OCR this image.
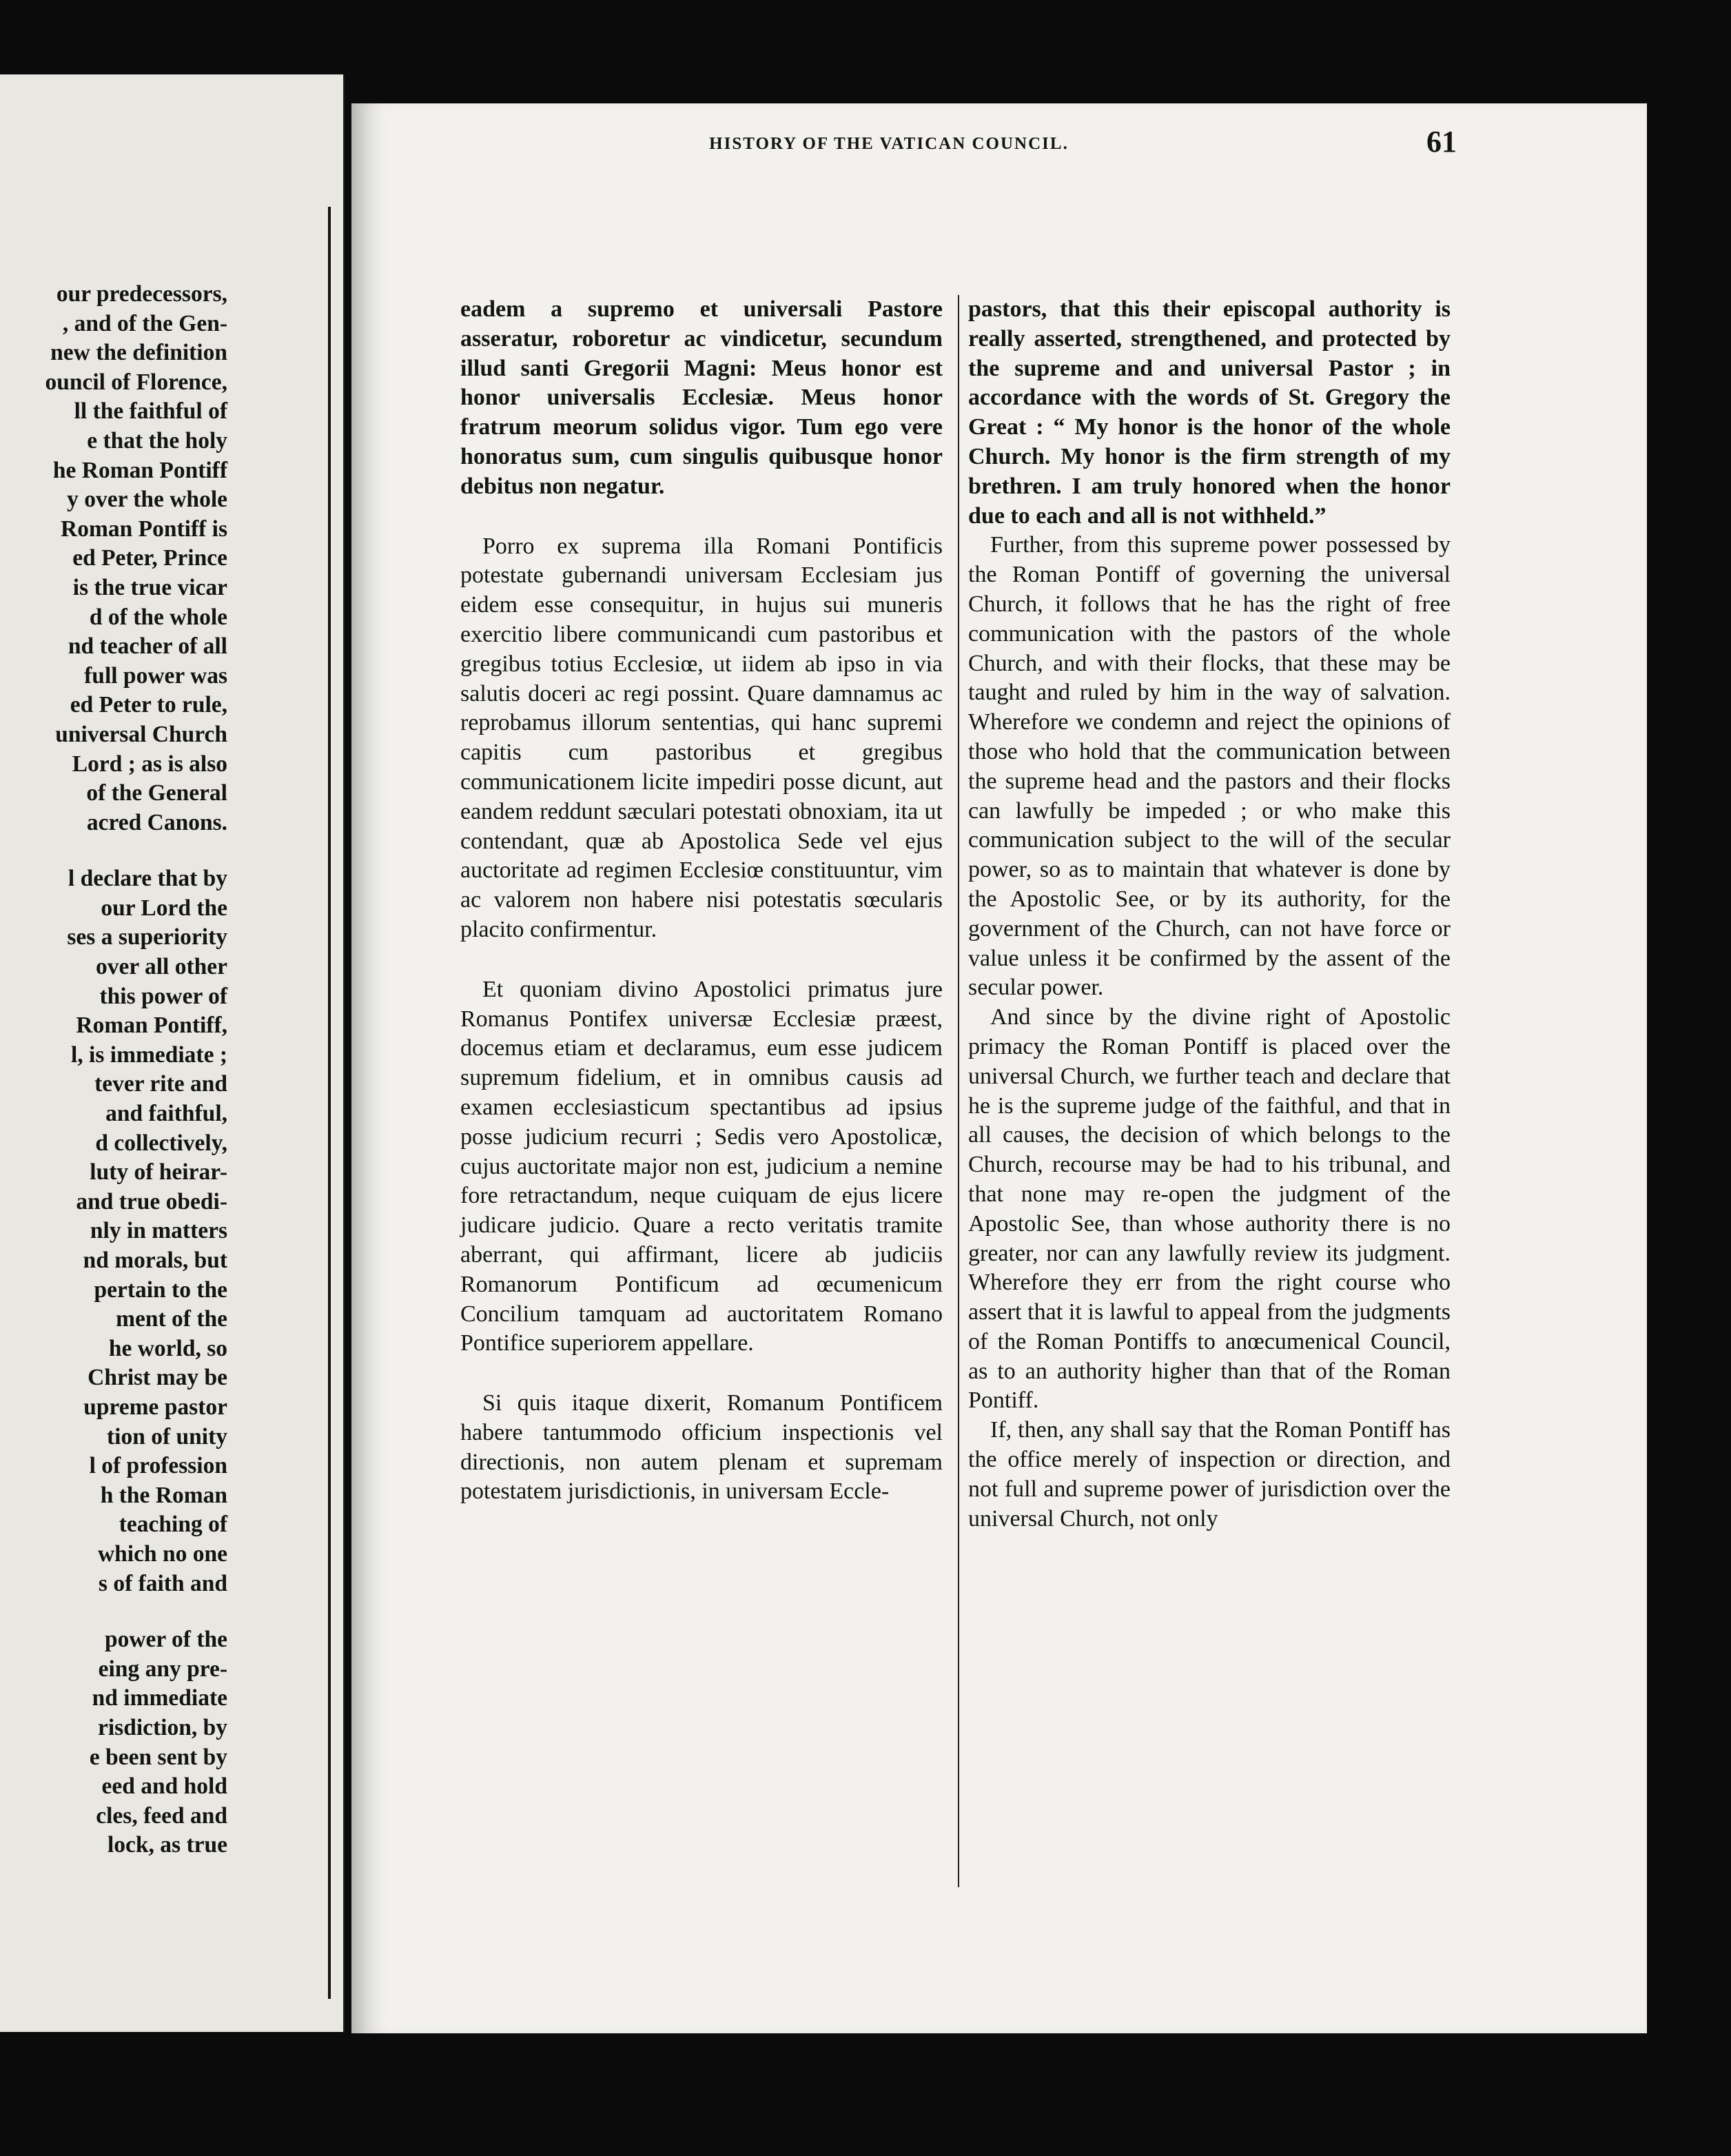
our predecessors,
, and of the Gen-
new the definition
ouncil of Florence,
ll the faithful of
e that the holy
he Roman Pontiff
y over the whole
Roman Pontiff is
ed Peter, Prince
is the true vicar
d of the whole
nd teacher of all
full power was
ed Peter to rule,
universal Church
Lord ; as is also
of the General
acred Canons.
l declare that by
our Lord the
ses a superiority
over all other
this power of
Roman Pontiff,
l, is immediate ;
tever rite and
and faithful,
d collectively,
luty of heirar-
and true obedi-
nly in matters
nd morals, but
pertain to the
ment of the
he world, so
Christ may be
upreme pastor
tion of unity
l of profession
h the Roman
teaching of
which no one
s of faith and
power of the
eing any pre-
nd immediate
risdiction, by
e been sent by
eed and hold
cles, feed and
lock, as true
HISTORY OF THE VATICAN COUNCIL.	61

eadem a supremo et universali Pastore asseratur, roboretur ac vindicetur, secundum illud santi Gregorii Magni: Meus honor est honor universalis Ecclesiæ. Meus honor fratrum meorum solidus vigor. Tum ego vere honoratus sum, cum singulis quibusque honor debitus non negatur.

Porro ex suprema illa Romani Pontificis potestate gubernandi universam Ecclesiam jus eidem esse consequitur, in hujus sui muneris exercitio libere communicandi cum pastoribus et gregibus totius Ecclesiœ, ut iidem ab ipso in via salutis doceri ac regi possint. Quare damnamus ac reprobamus illorum sententias, qui hanc supremi capitis cum pastoribus et gregibus communicationem licite impediri posse dicunt, aut eandem reddunt sæculari potestati obnoxiam, ita ut contendant, quæ ab Apostolica Sede vel ejus auctoritate ad regimen Ecclesiœ constituuntur, vim ac valorem non habere nisi potestatis sœcularis placito confirmentur.

Et quoniam divino Apostolici primatus jure Romanus Pontifex universæ Ecclesiæ præest, docemus etiam et declaramus, eum esse judicem supremum fidelium, et in omnibus causis ad examen ecclesiasticum spectantibus ad ipsius posse judicium recurri ; Sedis vero Apostolicæ, cujus auctoritate major non est, judicium a nemine fore retractandum, neque cuiquam de ejus licere judicare judicio. Quare a recto veritatis tramite aberrant, qui affirmant, licere ab judiciis Romanorum Pontificum ad œcumenicum Concilium tamquam ad auctoritatem Romano Pontifice superiorem appellare.

Si quis itaque dixerit, Romanum Pontificem habere tantummodo officium inspectionis vel directionis, non autem plenam et supremam potestatem jurisdictionis, in universam Eccle-

pastors, that this their episcopal authority is really asserted, strengthened, and protected by the supreme and and universal Pastor ; in accordance with the words of St. Gregory the Great : “ My honor is the honor of the whole Church. My honor is the firm strength of my brethren. I am truly honored when the honor due to each and all is not withheld.”

Further, from this supreme power possessed by the Roman Pontiff of governing the universal Church, it follows that he has the right of free communication with the pastors of the whole Church, and with their flocks, that these may be taught and ruled by him in the way of salvation. Wherefore we condemn and reject the opinions of those who hold that the communication between the supreme head and the pastors and their flocks can lawfully be impeded ; or who make this communication subject to the will of the secular power, so as to maintain that whatever is done by the Apostolic See, or by its authority, for the government of the Church, can not have force or value unless it be confirmed by the assent of the secular power.

And since by the divine right of Apostolic primacy the Roman Pontiff is placed over the universal Church, we further teach and declare that he is the supreme judge of the faithful, and that in all causes, the decision of which belongs to the Church, recourse may be had to his tribunal, and that none may re-open the judgment of the Apostolic See, than whose authority there is no greater, nor can any lawfully review its judgment. Wherefore they err from the right course who assert that it is lawful to appeal from the judgments of the Roman Pontiffs to anœcumenical Council, as to an authority higher than that of the Roman Pontiff.

If, then, any shall say that the Roman Pontiff has the office merely of inspection or direction, and not full and supreme power of jurisdiction over the universal Church, not only
